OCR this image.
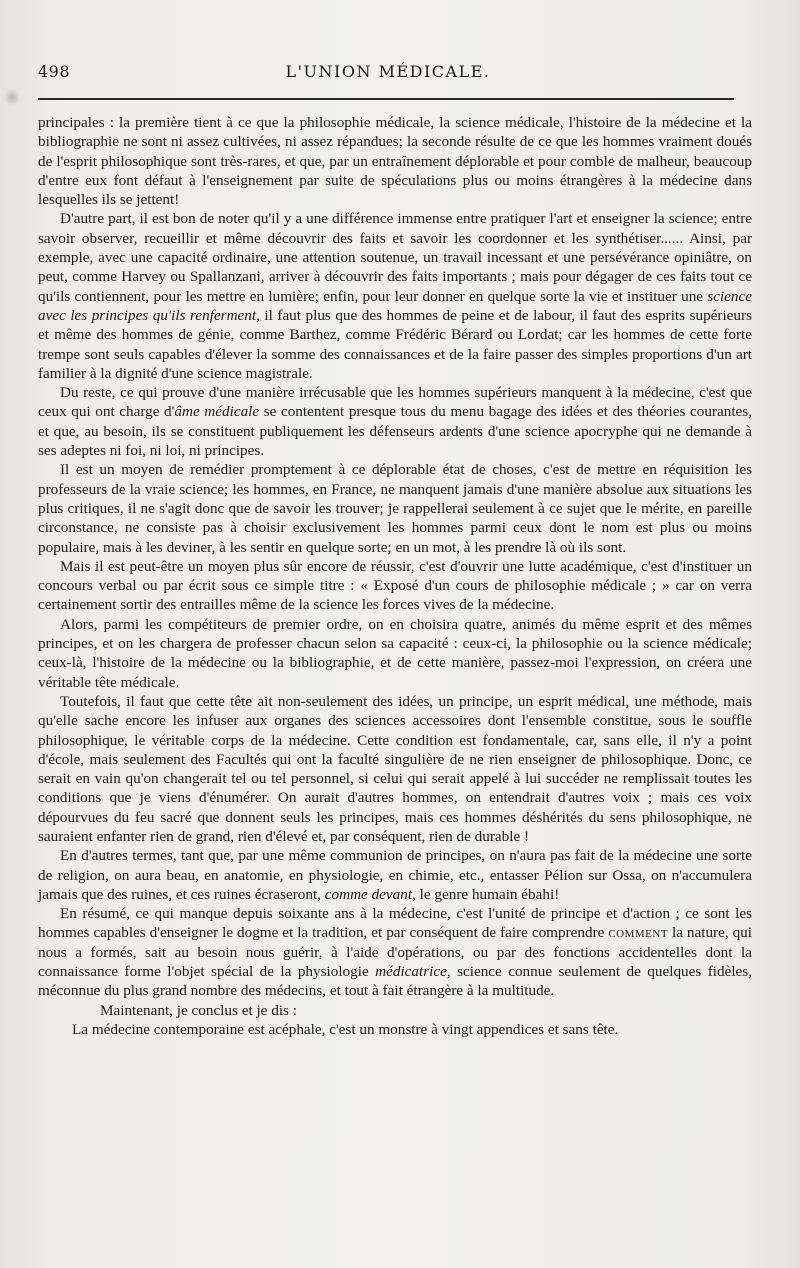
498	L'UNION MÉDICALE.

principales : la première tient à ce que la philosophie médicale, la science médicale, l'histoire de la médecine et la bibliographie ne sont ni assez cultivées, ni assez répandues; la seconde résulte de ce que les hommes vraiment doués de l'esprit philosophique sont très-rares, et que, par un entraînement déplorable et pour comble de malheur, beaucoup d'entre eux font défaut à l'enseignement par suite de spéculations plus ou moins étrangères à la médecine dans lesquelles ils se jettent!

D'autre part, il est bon de noter qu'il y a une différence immense entre pratiquer l'art et enseigner la science; entre savoir observer, recueillir et même découvrir des faits et savoir les coordonner et les synthétiser...... Ainsi, par exemple, avec une capacité ordinaire, une attention soutenue, un travail incessant et une persévérance opiniâtre, on peut, comme Harvey ou Spallanzani, arriver à découvrir des faits importants ; mais pour dégager de ces faits tout ce qu'ils contiennent, pour les mettre en lumière; enfin, pour leur donner en quelque sorte la vie et instituer une science avec les principes qu'ils renferment, il faut plus que des hommes de peine et de labour, il faut des esprits supérieurs et même des hommes de génie, comme Barthez, comme Frédéric Bérard ou Lordat; car les hommes de cette forte trempe sont seuls capables d'élever la somme des connaissances et de la faire passer des simples proportions d'un art familier à la dignité d'une science magistrale.

Du reste, ce qui prouve d'une manière irrécusable que les hommes supérieurs manquent à la médecine, c'est que ceux qui ont charge d'âme médicale se contentent presque tous du menu bagage des idées et des théories courantes, et que, au besoin, ils se constituent publiquement les défenseurs ardents d'une science apocryphe qui ne demande à ses adeptes ni foi, ni loi, ni principes.

Il est un moyen de remédier promptement à ce déplorable état de choses, c'est de mettre en réquisition les professeurs de la vraie science; les hommes, en France, ne manquent jamais d'une manière absolue aux situations les plus critiques, il ne s'agit donc que de savoir les trouver; je rappellerai seulement à ce sujet que le mérite, en pareille circonstance, ne consiste pas à choisir exclusivement les hommes parmi ceux dont le nom est plus ou moins populaire, mais à les deviner, à les sentir en quelque sorte; en un mot, à les prendre là où ils sont.

Mais il est peut-être un moyen plus sûr encore de réussir, c'est d'ouvrir une lutte académique, c'est d'instituer un concours verbal ou par écrit sous ce simple titre : « Exposé d'un cours de philosophie médicale ; » car on verra certainement sortir des entrailles même de la science les forces vives de la médecine.

Alors, parmi les compétiteurs de premier ordre, on en choisira quatre, animés du même esprit et des mêmes principes, et on les chargera de professer chacun selon sa capacité : ceux-ci, la philosophie ou la science médicale; ceux-là, l'histoire de la médecine ou la bibliographie, et de cette manière, passez-moi l'expression, on créera une véritable tête médicale.

Toutefois, il faut que cette tête ait non-seulement des idées, un principe, un esprit médical, une méthode, mais qu'elle sache encore les infuser aux organes des sciences accessoires dont l'ensemble constitue, sous le souffle philosophique, le véritable corps de la médecine. Cette condition est fondamentale, car, sans elle, il n'y a point d'école, mais seulement des Facultés qui ont la faculté singulière de ne rien enseigner de philosophique. Donc, ce serait en vain qu'on changerait tel ou tel personnel, si celui qui serait appelé à lui succéder ne remplissait toutes les conditions que je viens d'énumérer. On aurait d'autres hommes, on entendrait d'autres voix ; mais ces voix dépourvues du feu sacré que donnent seuls les principes, mais ces hommes déshérités du sens philosophique, ne sauraient enfanter rien de grand, rien d'élevé et, par conséquent, rien de durable !

En d'autres termes, tant que, par une même communion de principes, on n'aura pas fait de la médecine une sorte de religion, on aura beau, en anatomie, en physiologie, en chimie, etc., entasser Pélion sur Ossa, on n'accumulera jamais que des ruines, et ces ruines écraseront, comme devant, le genre humain ébahi!

En résumé, ce qui manque depuis soixante ans à la médecine, c'est l'unité de principe et d'action ; ce sont les hommes capables d'enseigner le dogme et la tradition, et par conséquent de faire comprendre comment la nature, qui nous a formés, sait au besoin nous guérir, à l'aide d'opérations, ou par des fonctions accidentelles dont la connaissance forme l'objet spécial de la physiologie médicatrice, science connue seulement de quelques fidèles, méconnue du plus grand nombre des médecins, et tout à fait étrangère à la multitude.

Maintenant, je conclus et je dis :

La médecine contemporaine est acéphale, c'est un monstre à vingt appendices et sans tête.
